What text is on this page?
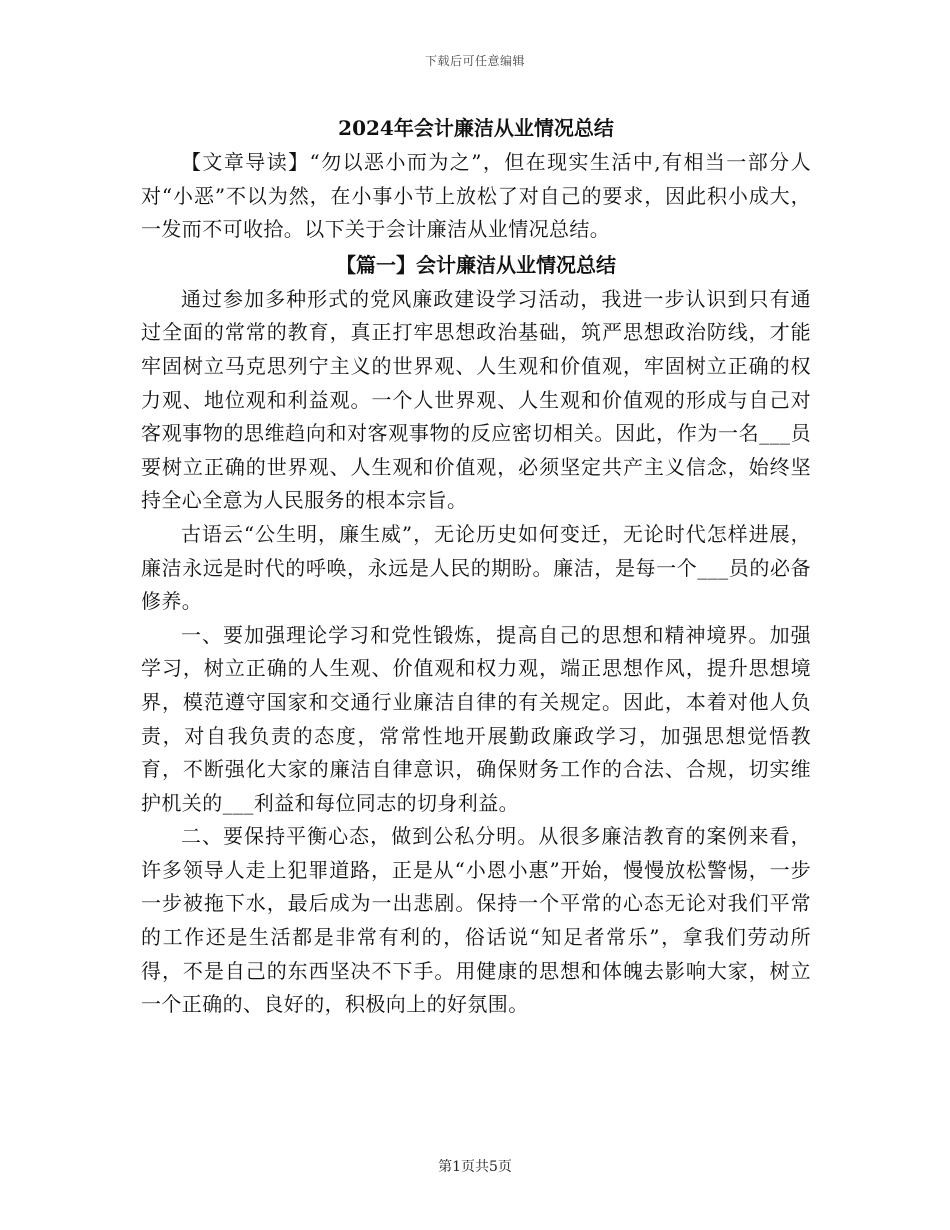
下载后可任意编辑
2024年会计廉洁从业情况总结

【文章导读】“勿以恶小而为之”，但在现实生活中,有相当一部分人对“小恶”不以为然，在小事小节上放松了对自己的要求，因此积小成大，一发而不可收拾。以下关于会计廉洁从业情况总结。

【篇一】会计廉洁从业情况总结

通过参加多种形式的党风廉政建设学习活动，我进一步认识到只有通过全面的常常的教育，真正打牢思想政治基础，筑严思想政治防线，才能牢固树立马克思列宁主义的世界观、人生观和价值观，牢固树立正确的权力观、地位观和利益观。一个人世界观、人生观和价值观的形成与自己对客观事物的思维趋向和对客观事物的反应密切相关。因此，作为一名___员要树立正确的世界观、人生观和价值观，必须坚定共产主义信念，始终坚持全心全意为人民服务的根本宗旨。

古语云“公生明，廉生威”，无论历史如何变迁，无论时代怎样进展，廉洁永远是时代的呼唤，永远是人民的期盼。廉洁，是每一个___员的必备修养。

一、要加强理论学习和党性锻炼，提高自己的思想和精神境界。加强学习，树立正确的人生观、价值观和权力观，端正思想作风，提升思想境界，模范遵守国家和交通行业廉洁自律的有关规定。因此，本着对他人负责，对自我负责的态度，常常性地开展勤政廉政学习，加强思想觉悟教育，不断强化大家的廉洁自律意识，确保财务工作的合法、合规，切实维护机关的___利益和每位同志的切身利益。

二、要保持平衡心态，做到公私分明。从很多廉洁教育的案例来看，许多领导人走上犯罪道路，正是从“小恩小惠”开始，慢慢放松警惕，一步一步被拖下水，最后成为一出悲剧。保持一个平常的心态无论对我们平常的工作还是生活都是非常有利的，俗话说“知足者常乐”，拿我们劳动所得，不是自己的东西坚决不下手。用健康的思想和体魄去影响大家，树立一个正确的、良好的，积极向上的好氛围。

第1页共5页
